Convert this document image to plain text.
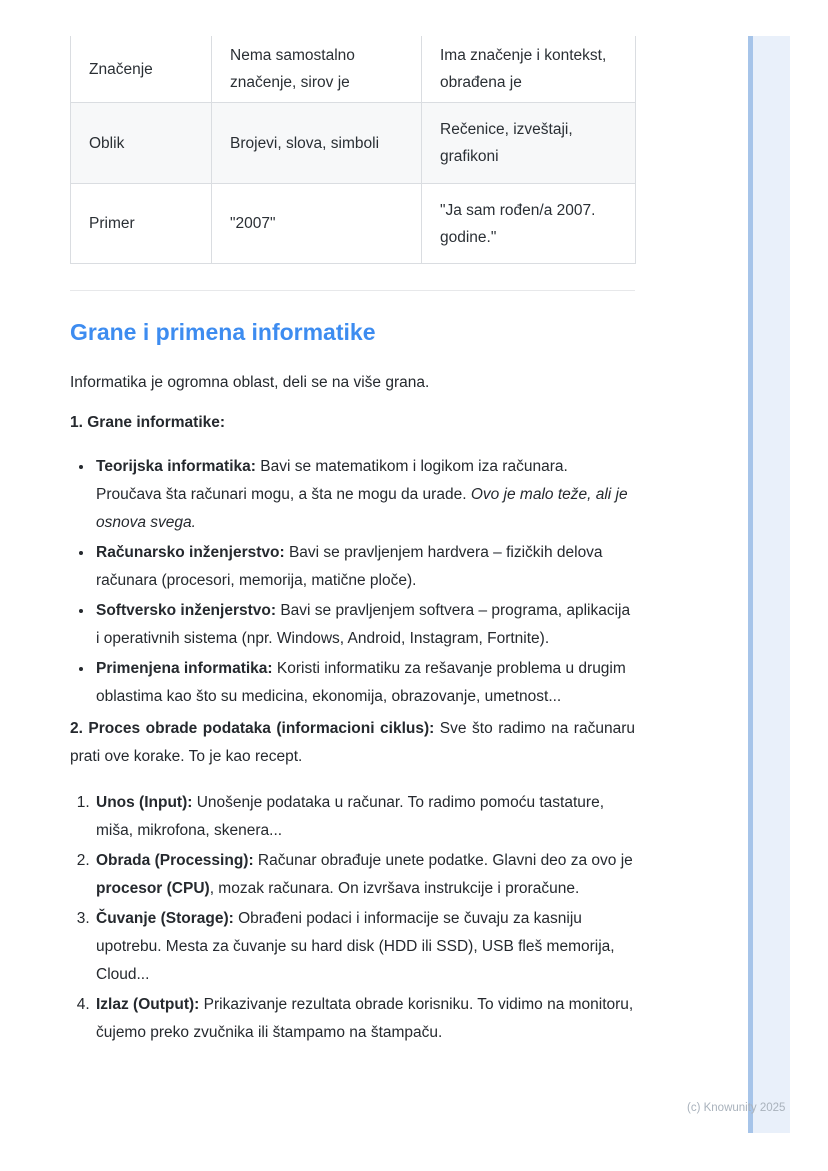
Značenje	Nema samostalno značenje, sirov je	Ima značenje i kontekst, obrađena je
Oblik	Brojevi, slova, simboli	Rečenice, izveštaji, grafikoni
Primer	"2007"	"Ja sam rođen/a 2007. godine."
Grane i primena informatike

Informatika je ogromna oblast, deli se na više grana.

1. Grane informatike:

• Teorijska informatika: Bavi se matematikom i logikom iza računara. Proučava šta računari mogu, a šta ne mogu da urade. Ovo je malo teže, ali je osnova svega.
• Računarsko inženjerstvo: Bavi se pravljenjem hardvera – fizičkih delova računara (procesori, memorija, matične ploče).
• Softversko inženjerstvo: Bavi se pravljenjem softvera – programa, aplikacija i operativnih sistema (npr. Windows, Android, Instagram, Fortnite).
• Primenjena informatika: Koristi informatiku za rešavanje problema u drugim oblastima kao što su medicina, ekonomija, obrazovanje, umetnost...

2. Proces obrade podataka (informacioni ciklus): Sve što radimo na računaru prati ove korake. To je kao recept.

1. Unos (Input): Unošenje podataka u računar. To radimo pomoću tastature, miša, mikrofona, skenera...
2. Obrada (Processing): Računar obrađuje unete podatke. Glavni deo za ovo je procesor (CPU), mozak računara. On izvršava instrukcije i proračune.
3. Čuvanje (Storage): Obrađeni podaci i informacije se čuvaju za kasniju upotrebu. Mesta za čuvanje su hard disk (HDD ili SSD), USB fleš memorija, Cloud...
4. Izlaz (Output): Prikazivanje rezultata obrade korisniku. To vidimo na monitoru, čujemo preko zvučnika ili štampamo na štampaču.
(c) Knowunity 2025
